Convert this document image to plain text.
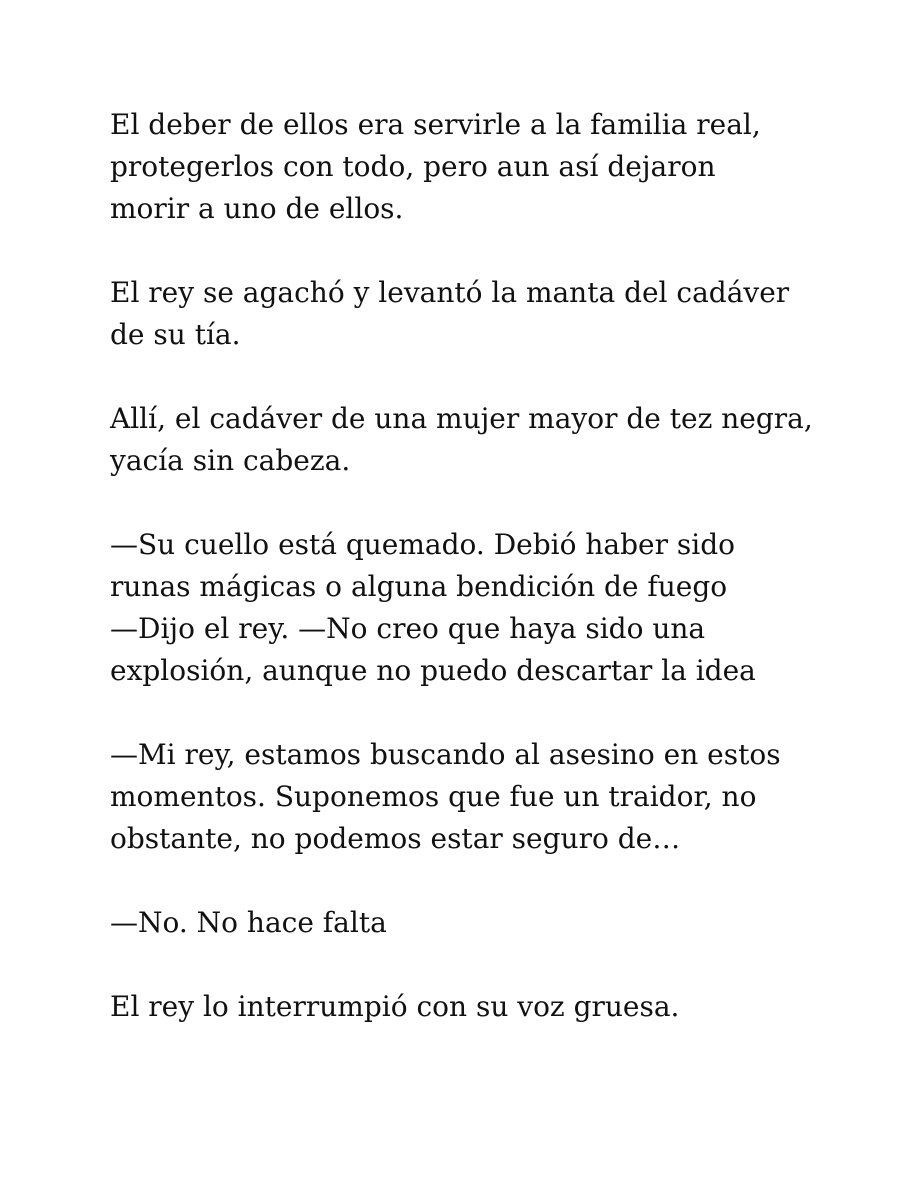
El deber de ellos era servirle a la familia real,
protegerlos con todo, pero aun así dejaron
morir a uno de ellos.

El rey se agachó y levantó la manta del cadáver
de su tía.

Allí, el cadáver de una mujer mayor de tez negra,
yacía sin cabeza.

—Su cuello está quemado. Debió haber sido
runas mágicas o alguna bendición de fuego
—Dijo el rey. —No creo que haya sido una
explosión, aunque no puedo descartar la idea

—Mi rey, estamos buscando al asesino en estos
momentos. Suponemos que fue un traidor, no
obstante, no podemos estar seguro de…

—No. No hace falta

El rey lo interrumpió con su voz gruesa.
